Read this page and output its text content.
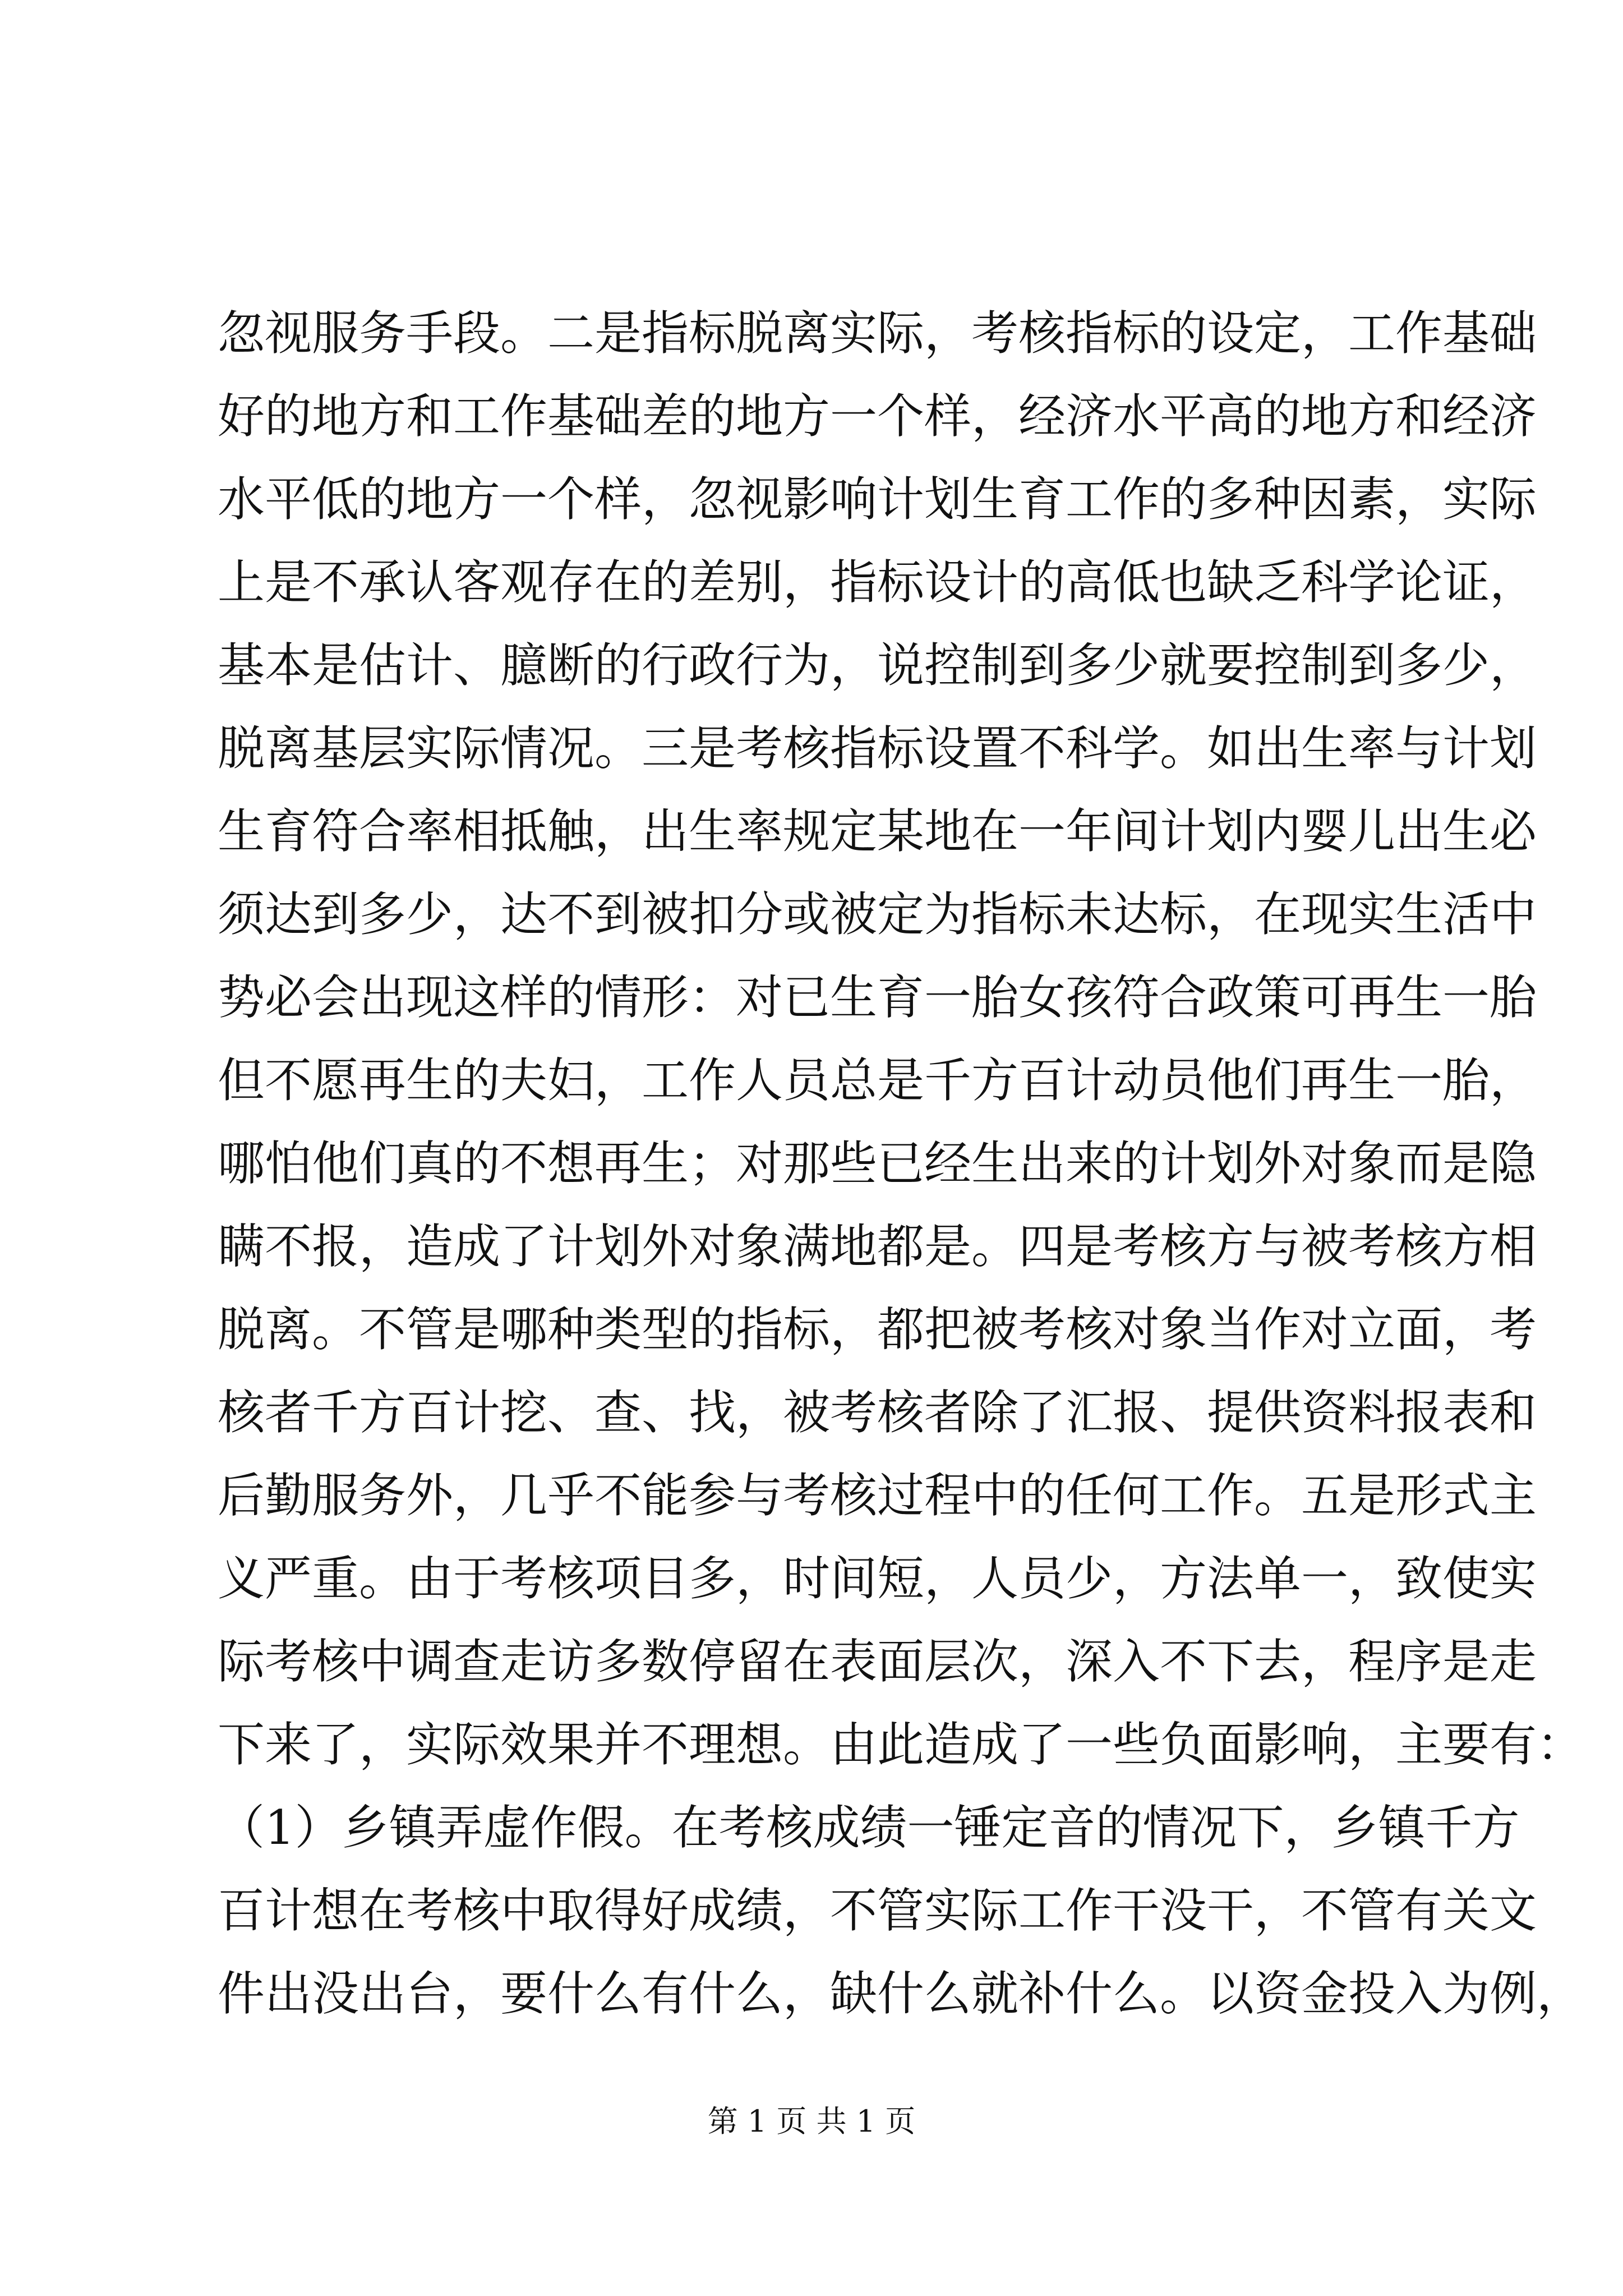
忽视服务手段。二是指标脱离实际，考核指标的设定，工作基础
好的地方和工作基础差的地方一个样，经济水平高的地方和经济
水平低的地方一个样，忽视影响计划生育工作的多种因素，实际
上是不承认客观存在的差别，指标设计的高低也缺乏科学论证，
基本是估计、臆断的行政行为，说控制到多少就要控制到多少，
脱离基层实际情况。三是考核指标设置不科学。如出生率与计划
生育符合率相抵触，出生率规定某地在一年间计划内婴儿出生必
须达到多少，达不到被扣分或被定为指标未达标，在现实生活中
势必会出现这样的情形：对已生育一胎女孩符合政策可再生一胎
但不愿再生的夫妇，工作人员总是千方百计动员他们再生一胎，
哪怕他们真的不想再生；对那些已经生出来的计划外对象而是隐
瞒不报，造成了计划外对象满地都是。四是考核方与被考核方相
脱离。不管是哪种类型的指标，都把被考核对象当作对立面，考
核者千方百计挖、查、找，被考核者除了汇报、提供资料报表和
后勤服务外，几乎不能参与考核过程中的任何工作。五是形式主
义严重。由于考核项目多，时间短，人员少，方法单一，致使实
际考核中调查走访多数停留在表面层次，深入不下去，程序是走
下来了，实际效果并不理想。由此造成了一些负面影响，主要有：
（1）乡镇弄虚作假。在考核成绩一锤定音的情况下，乡镇千方
百计想在考核中取得好成绩，不管实际工作干没干，不管有关文
件出没出台，要什么有什么，缺什么就补什么。以资金投入为例，
第 1 页 共 1 页
